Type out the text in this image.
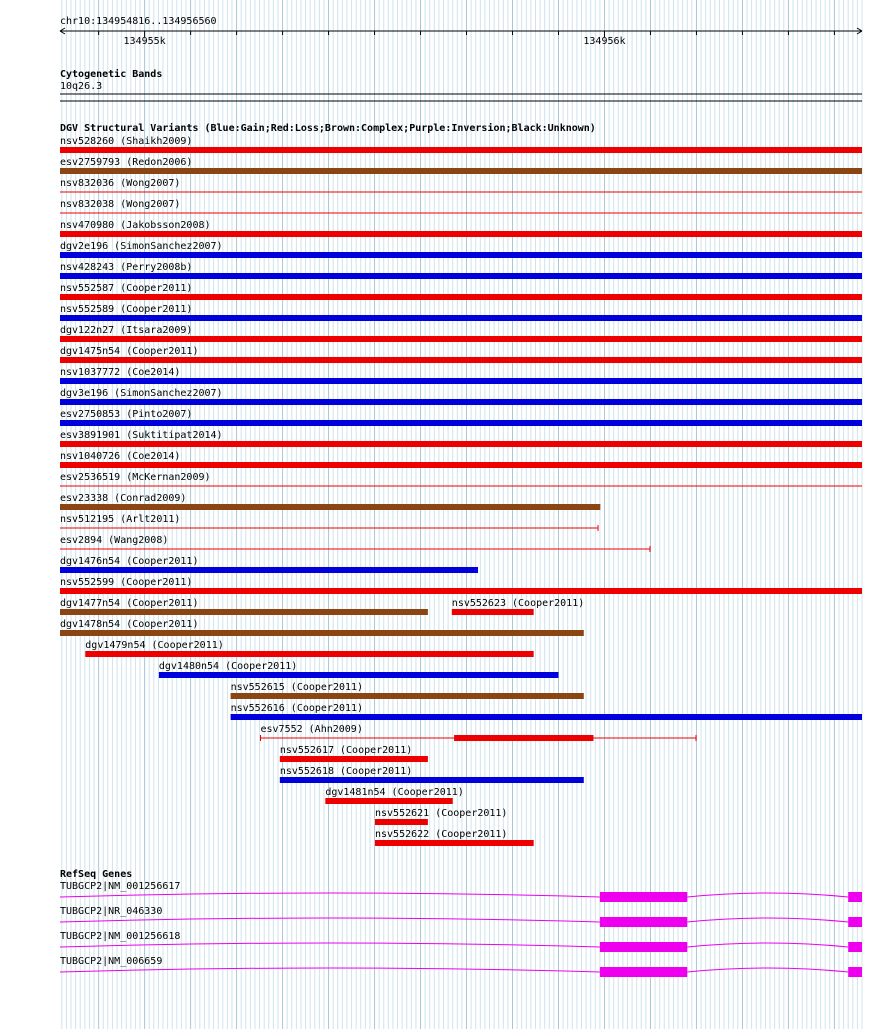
chr10:134954816..134956560
134955k	134956k
Cytogenetic Bands
10q26.3
DGV Structural Variants (Blue:Gain;Red:Loss;Brown:Complex;Purple:Inversion;Black:Unknown)
nsv528260 (Shaikh2009)
esv2759793 (Redon2006)
nsv832036 (Wong2007)
nsv832038 (Wong2007)
nsv470980 (Jakobsson2008)
dgv2e196 (SimonSanchez2007)
nsv428243 (Perry2008b)
nsv552587 (Cooper2011)
nsv552589 (Cooper2011)
dgv122n27 (Itsara2009)
dgv1475n54 (Cooper2011)
nsv1037772 (Coe2014)
dgv3e196 (SimonSanchez2007)
esv2750853 (Pinto2007)
esv3891901 (Suktitipat2014)
nsv1040726 (Coe2014)
esv2536519 (McKernan2009)
esv23338 (Conrad2009)
nsv512195 (Arlt2011)
esv2894 (Wang2008)
dgv1476n54 (Cooper2011)
nsv552599 (Cooper2011)
dgv1477n54 (Cooper2011)	nsv552623 (Cooper2011)
dgv1478n54 (Cooper2011)
dgv1479n54 (Cooper2011)
dgv1480n54 (Cooper2011)
nsv552615 (Cooper2011)
nsv552616 (Cooper2011)
esv7552 (Ahn2009)
nsv552617 (Cooper2011)
nsv552618 (Cooper2011)
dgv1481n54 (Cooper2011)
nsv552621 (Cooper2011)
nsv552622 (Cooper2011)
RefSeq Genes
TUBGCP2|NM_001256617
TUBGCP2|NR_046330
TUBGCP2|NM_001256618
TUBGCP2|NM_006659
